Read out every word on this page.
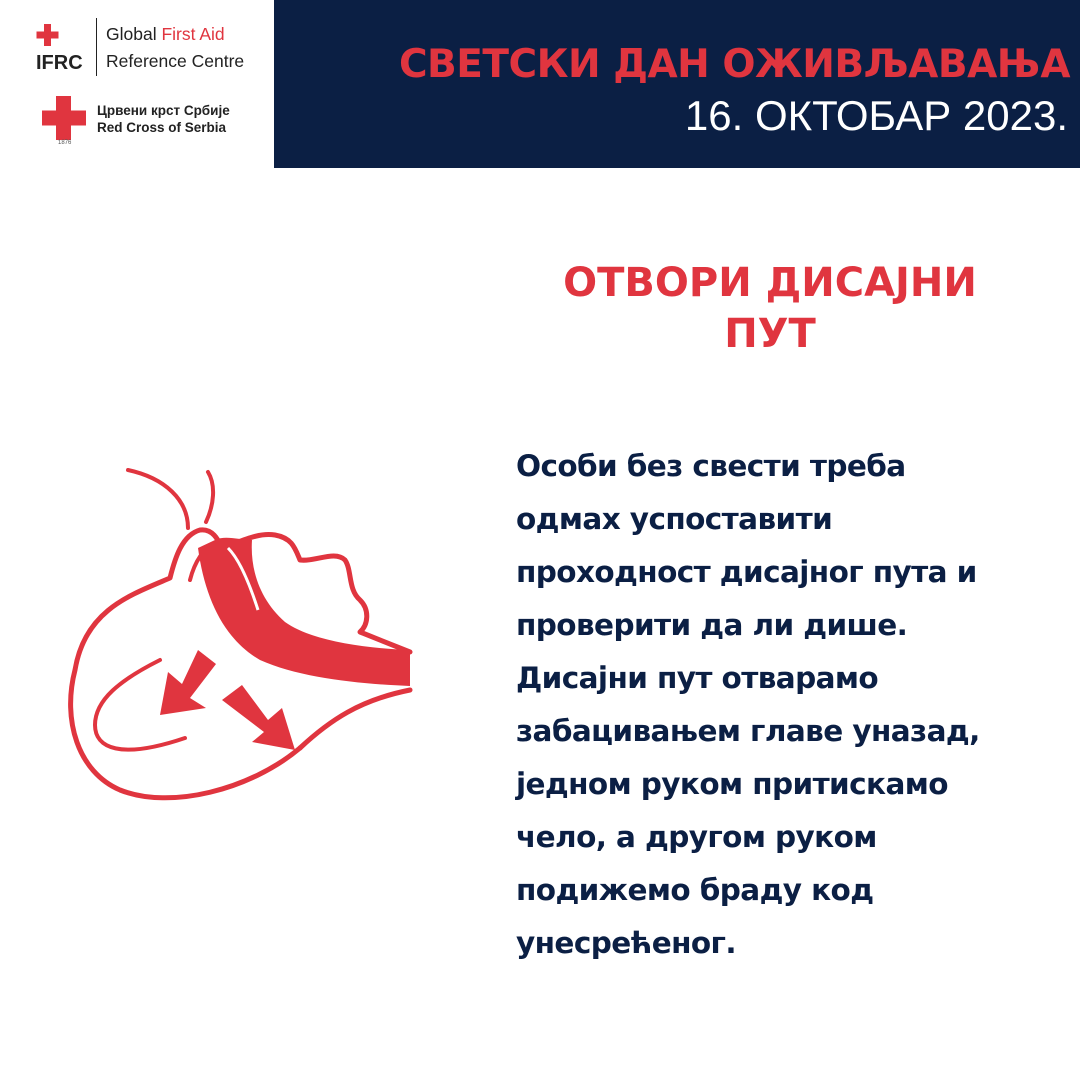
СВЕТСКИ ДАН ОЖИВЉАВАЊА
16. ОКТОБАР 2023.
IFRC
Global First Aid
Reference Centre
1876
Црвени крст Србије
Red Cross of Serbia
ОТВОРИ ДИСАЈНИ
ПУТ
Особи без свести треба
одмах успоставити
проходност дисајног пута и
проверити да ли дише.
Дисајни пут отварамо
забацивањем главе уназад,
једном руком притискамо
чело, а другом руком
подижемо браду код
унесрећеног.
